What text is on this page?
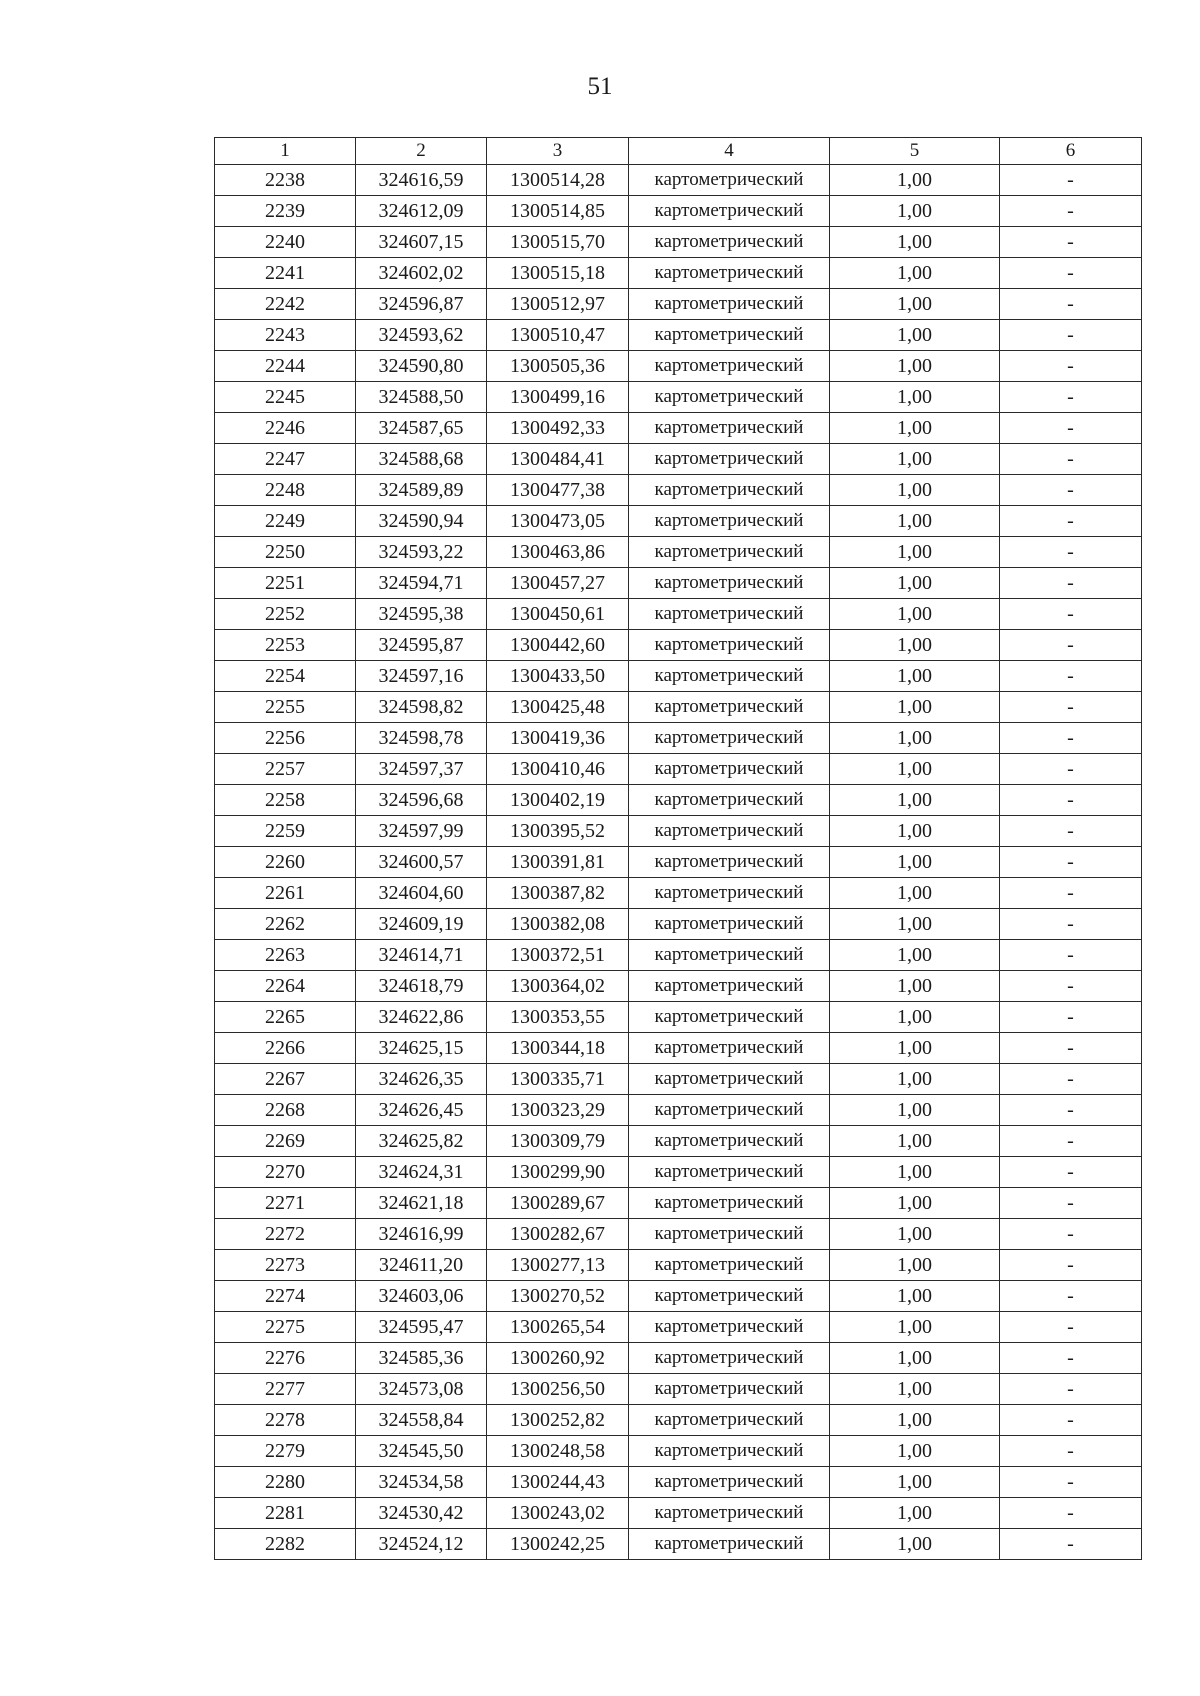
51
1	2	3	4	5	6
2238	324616,59	1300514,28	картометрический	1,00	-
2239	324612,09	1300514,85	картометрический	1,00	-
2240	324607,15	1300515,70	картометрический	1,00	-
2241	324602,02	1300515,18	картометрический	1,00	-
2242	324596,87	1300512,97	картометрический	1,00	-
2243	324593,62	1300510,47	картометрический	1,00	-
2244	324590,80	1300505,36	картометрический	1,00	-
2245	324588,50	1300499,16	картометрический	1,00	-
2246	324587,65	1300492,33	картометрический	1,00	-
2247	324588,68	1300484,41	картометрический	1,00	-
2248	324589,89	1300477,38	картометрический	1,00	-
2249	324590,94	1300473,05	картометрический	1,00	-
2250	324593,22	1300463,86	картометрический	1,00	-
2251	324594,71	1300457,27	картометрический	1,00	-
2252	324595,38	1300450,61	картометрический	1,00	-
2253	324595,87	1300442,60	картометрический	1,00	-
2254	324597,16	1300433,50	картометрический	1,00	-
2255	324598,82	1300425,48	картометрический	1,00	-
2256	324598,78	1300419,36	картометрический	1,00	-
2257	324597,37	1300410,46	картометрический	1,00	-
2258	324596,68	1300402,19	картометрический	1,00	-
2259	324597,99	1300395,52	картометрический	1,00	-
2260	324600,57	1300391,81	картометрический	1,00	-
2261	324604,60	1300387,82	картометрический	1,00	-
2262	324609,19	1300382,08	картометрический	1,00	-
2263	324614,71	1300372,51	картометрический	1,00	-
2264	324618,79	1300364,02	картометрический	1,00	-
2265	324622,86	1300353,55	картометрический	1,00	-
2266	324625,15	1300344,18	картометрический	1,00	-
2267	324626,35	1300335,71	картометрический	1,00	-
2268	324626,45	1300323,29	картометрический	1,00	-
2269	324625,82	1300309,79	картометрический	1,00	-
2270	324624,31	1300299,90	картометрический	1,00	-
2271	324621,18	1300289,67	картометрический	1,00	-
2272	324616,99	1300282,67	картометрический	1,00	-
2273	324611,20	1300277,13	картометрический	1,00	-
2274	324603,06	1300270,52	картометрический	1,00	-
2275	324595,47	1300265,54	картометрический	1,00	-
2276	324585,36	1300260,92	картометрический	1,00	-
2277	324573,08	1300256,50	картометрический	1,00	-
2278	324558,84	1300252,82	картометрический	1,00	-
2279	324545,50	1300248,58	картометрический	1,00	-
2280	324534,58	1300244,43	картометрический	1,00	-
2281	324530,42	1300243,02	картометрический	1,00	-
2282	324524,12	1300242,25	картометрический	1,00	-
